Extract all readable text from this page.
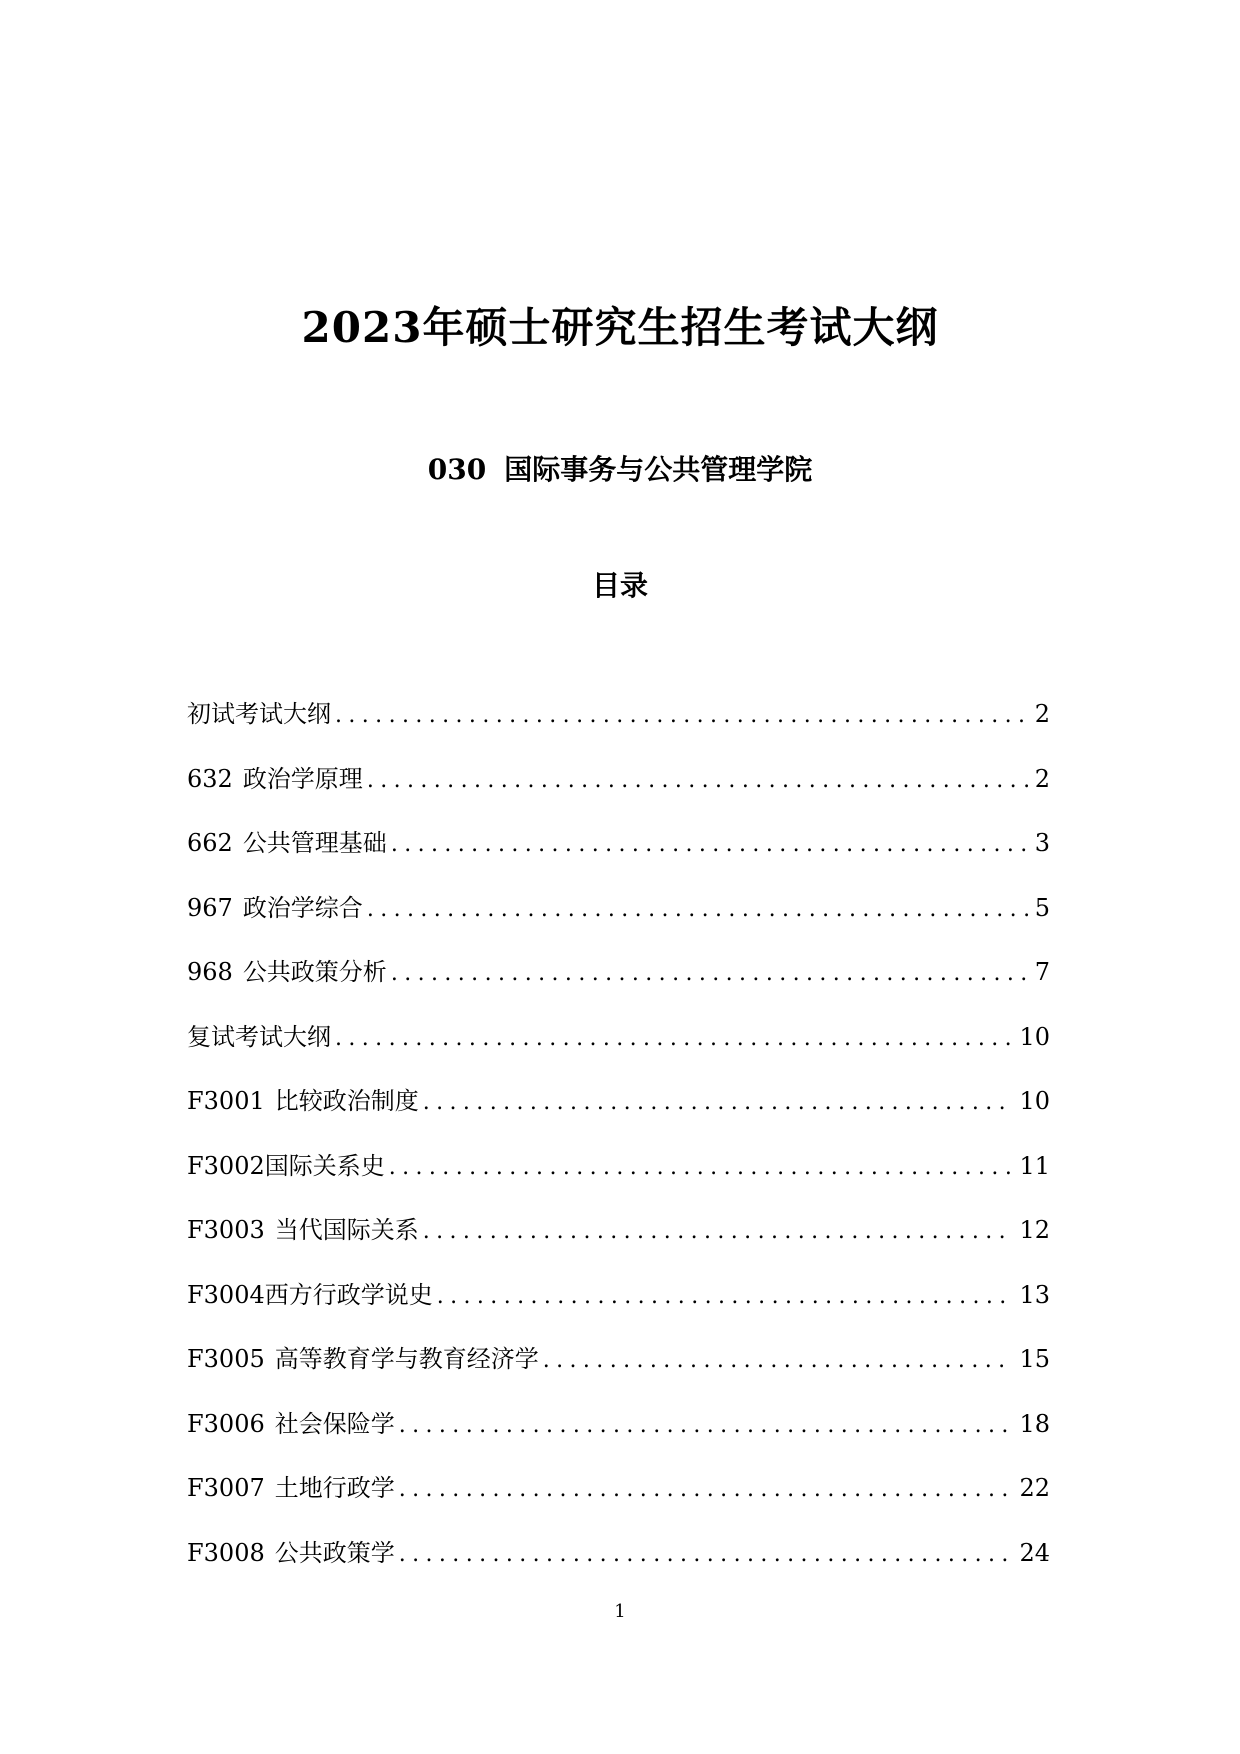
2023年硕士研究生招生考试大纲
030 国际事务与公共管理学院
目录
初试考试大纲 .....	2
632 政治学原理 .....	2
662 公共管理基础 .....	3
967 政治学综合 .....	5
968 公共政策分析 .....	7
复试考试大纲 .....	10
F3001 比较政治制度 .....	10
F3002国际关系史 .....	11
F3003 当代国际关系 .....	12
F3004西方行政学说史 .....	13
F3005 高等教育学与教育经济学 .....	15
F3006 社会保险学 .....	18
F3007 土地行政学 .....	22
F3008 公共政策学 .....	24
1
